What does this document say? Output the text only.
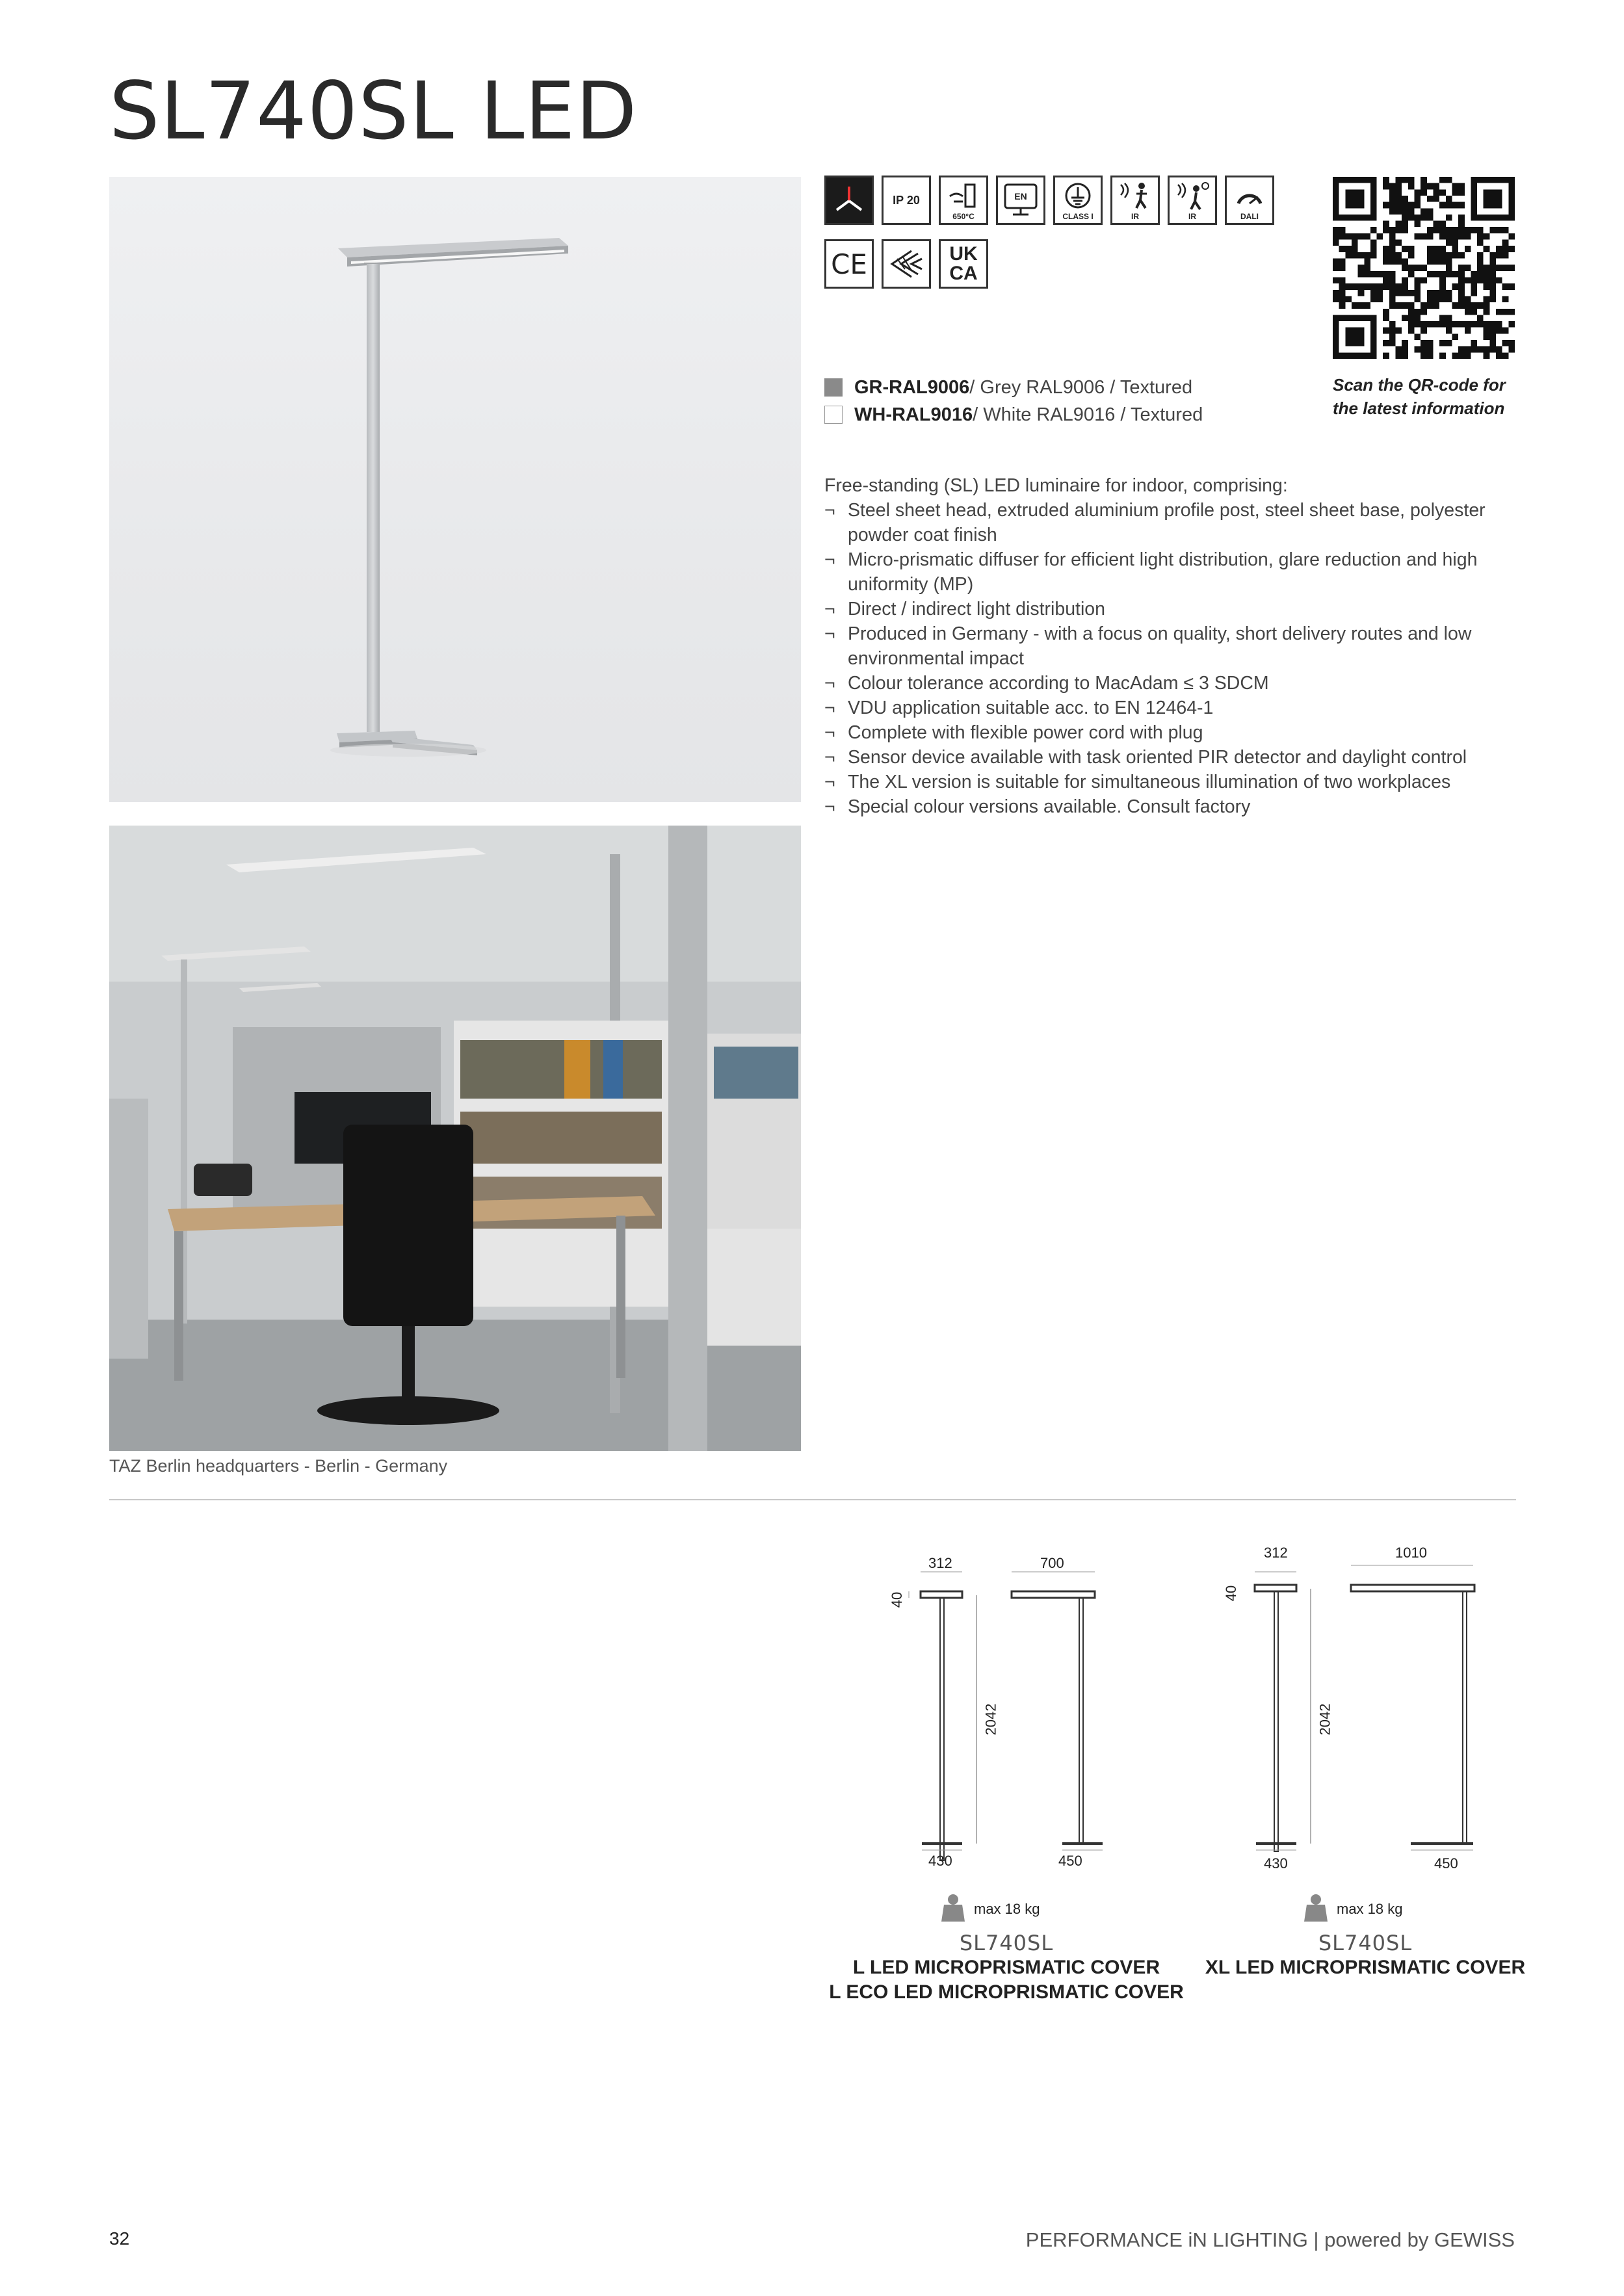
SL740SL LED
TAZ Berlin headquarters - Berlin - Germany
IP 20
650°C
EN
CLASS I	IR	IR	DALI
CE	UK
CA
Scan the QR-code for
the latest information
GR-RAL9006 / Grey RAL9006 / Textured
WH-RAL9016 / White RAL9016 / Textured
Free-standing (SL) LED luminaire for indoor, comprising:
¬ Steel sheet head, extruded aluminium profile post, steel sheet base, polyester powder coat finish
¬ Micro-prismatic diffuser for efficient light distribution, glare reduction and high uniformity (MP)
¬ Direct / indirect light distribution
¬ Produced in Germany - with a focus on quality, short delivery routes and low environmental impact
¬ Colour tolerance according to MacAdam ≤ 3 SDCM
¬ VDU application suitable acc. to EN 12464-1
¬ Complete with flexible power cord with plug
¬ Sensor device available with task oriented PIR detector and daylight control
¬ The XL version is suitable for simultaneous illumination of two workplaces
¬ Special colour versions available. Consult factory
312	700
40
2042
430	450
max 18 kg
SL740SL
L LED MICROPRISMATIC COVER
L ECO LED MICROPRISMATIC COVER
312	1010
40
2042
430	450
max 18 kg
SL740SL
XL LED MICROPRISMATIC COVER
32	PERFORMANCE iN LIGHTING | powered by GEWISS
